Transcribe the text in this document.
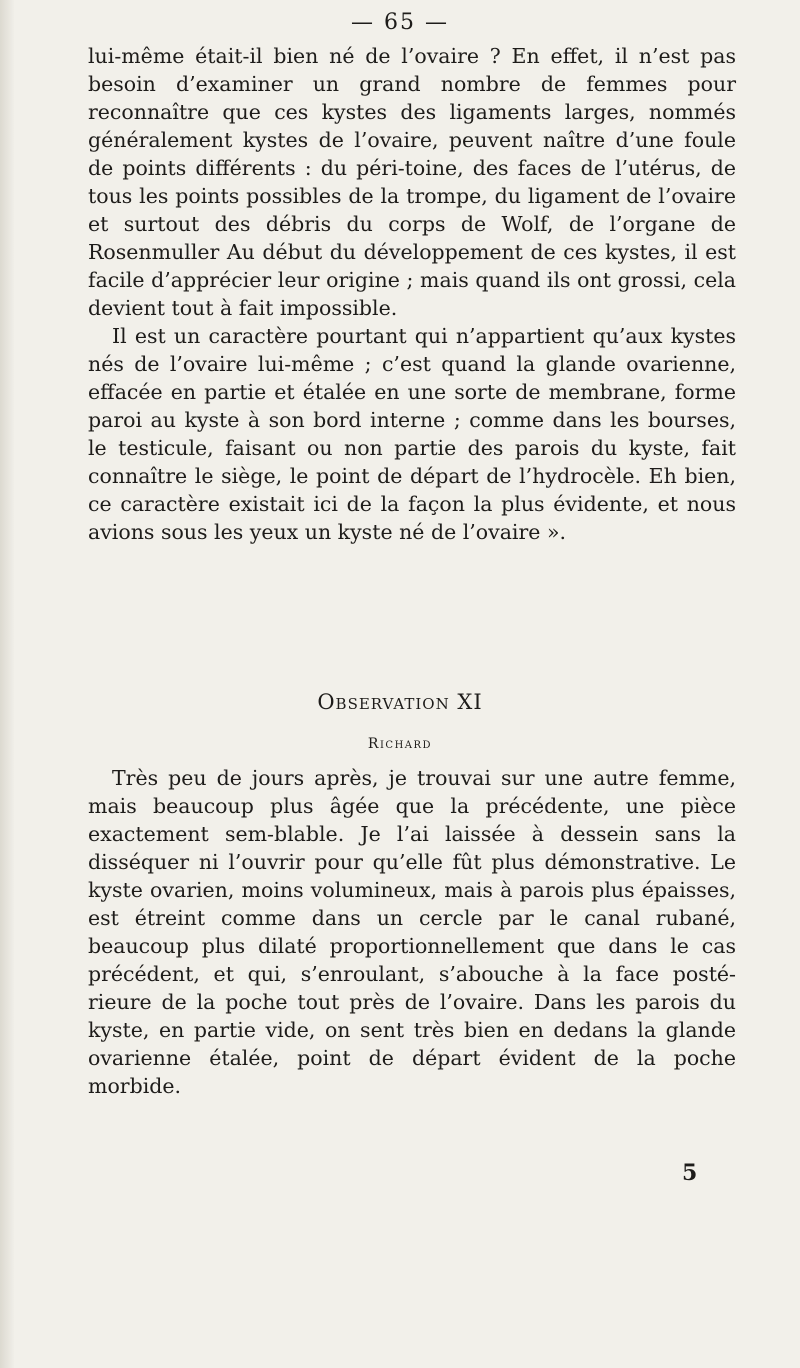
— 65 —

lui-même était-il bien né de l’ovaire ? En effet, il n’est pas besoin d’examiner un grand nombre de femmes pour reconnaître que ces kystes des ligaments larges, nommés généralement kystes de l’ovaire, peuvent naître d’une foule de points différents : du péri-toine, des faces de l’utérus, de tous les points possibles de la trompe, du ligament de l’ovaire et surtout des débris du corps de Wolf, de l’organe de Rosenmuller Au début du développement de ces kystes, il est facile d’apprécier leur origine ; mais quand ils ont grossi, cela devient tout à fait impossible.

Il est un caractère pourtant qui n’appartient qu’aux kystes nés de l’ovaire lui-même ; c’est quand la glande ovarienne, effacée en partie et étalée en une sorte de membrane, forme paroi au kyste à son bord interne ; comme dans les bourses, le testicule, faisant ou non partie des parois du kyste, fait connaître le siège, le point de départ de l’hydrocèle. Eh bien, ce caractère existait ici de la façon la plus évidente, et nous avions sous les yeux un kyste né de l’ovaire ».

Observation XI
Richard

Très peu de jours après, je trouvai sur une autre femme, mais beaucoup plus âgée que la précédente, une pièce exactement sem-blable. Je l’ai laissée à dessein sans la disséquer ni l’ouvrir pour qu’elle fût plus démonstrative. Le kyste ovarien, moins volumineux, mais à parois plus épaisses, est étreint comme dans un cercle par le canal rubané, beaucoup plus dilaté proportionnellement que dans le cas précédent, et qui, s’enroulant, s’abouche à la face posté-rieure de la poche tout près de l’ovaire. Dans les parois du kyste, en partie vide, on sent très bien en dedans la glande ovarienne étalée, point de départ évident de la poche morbide.

5
